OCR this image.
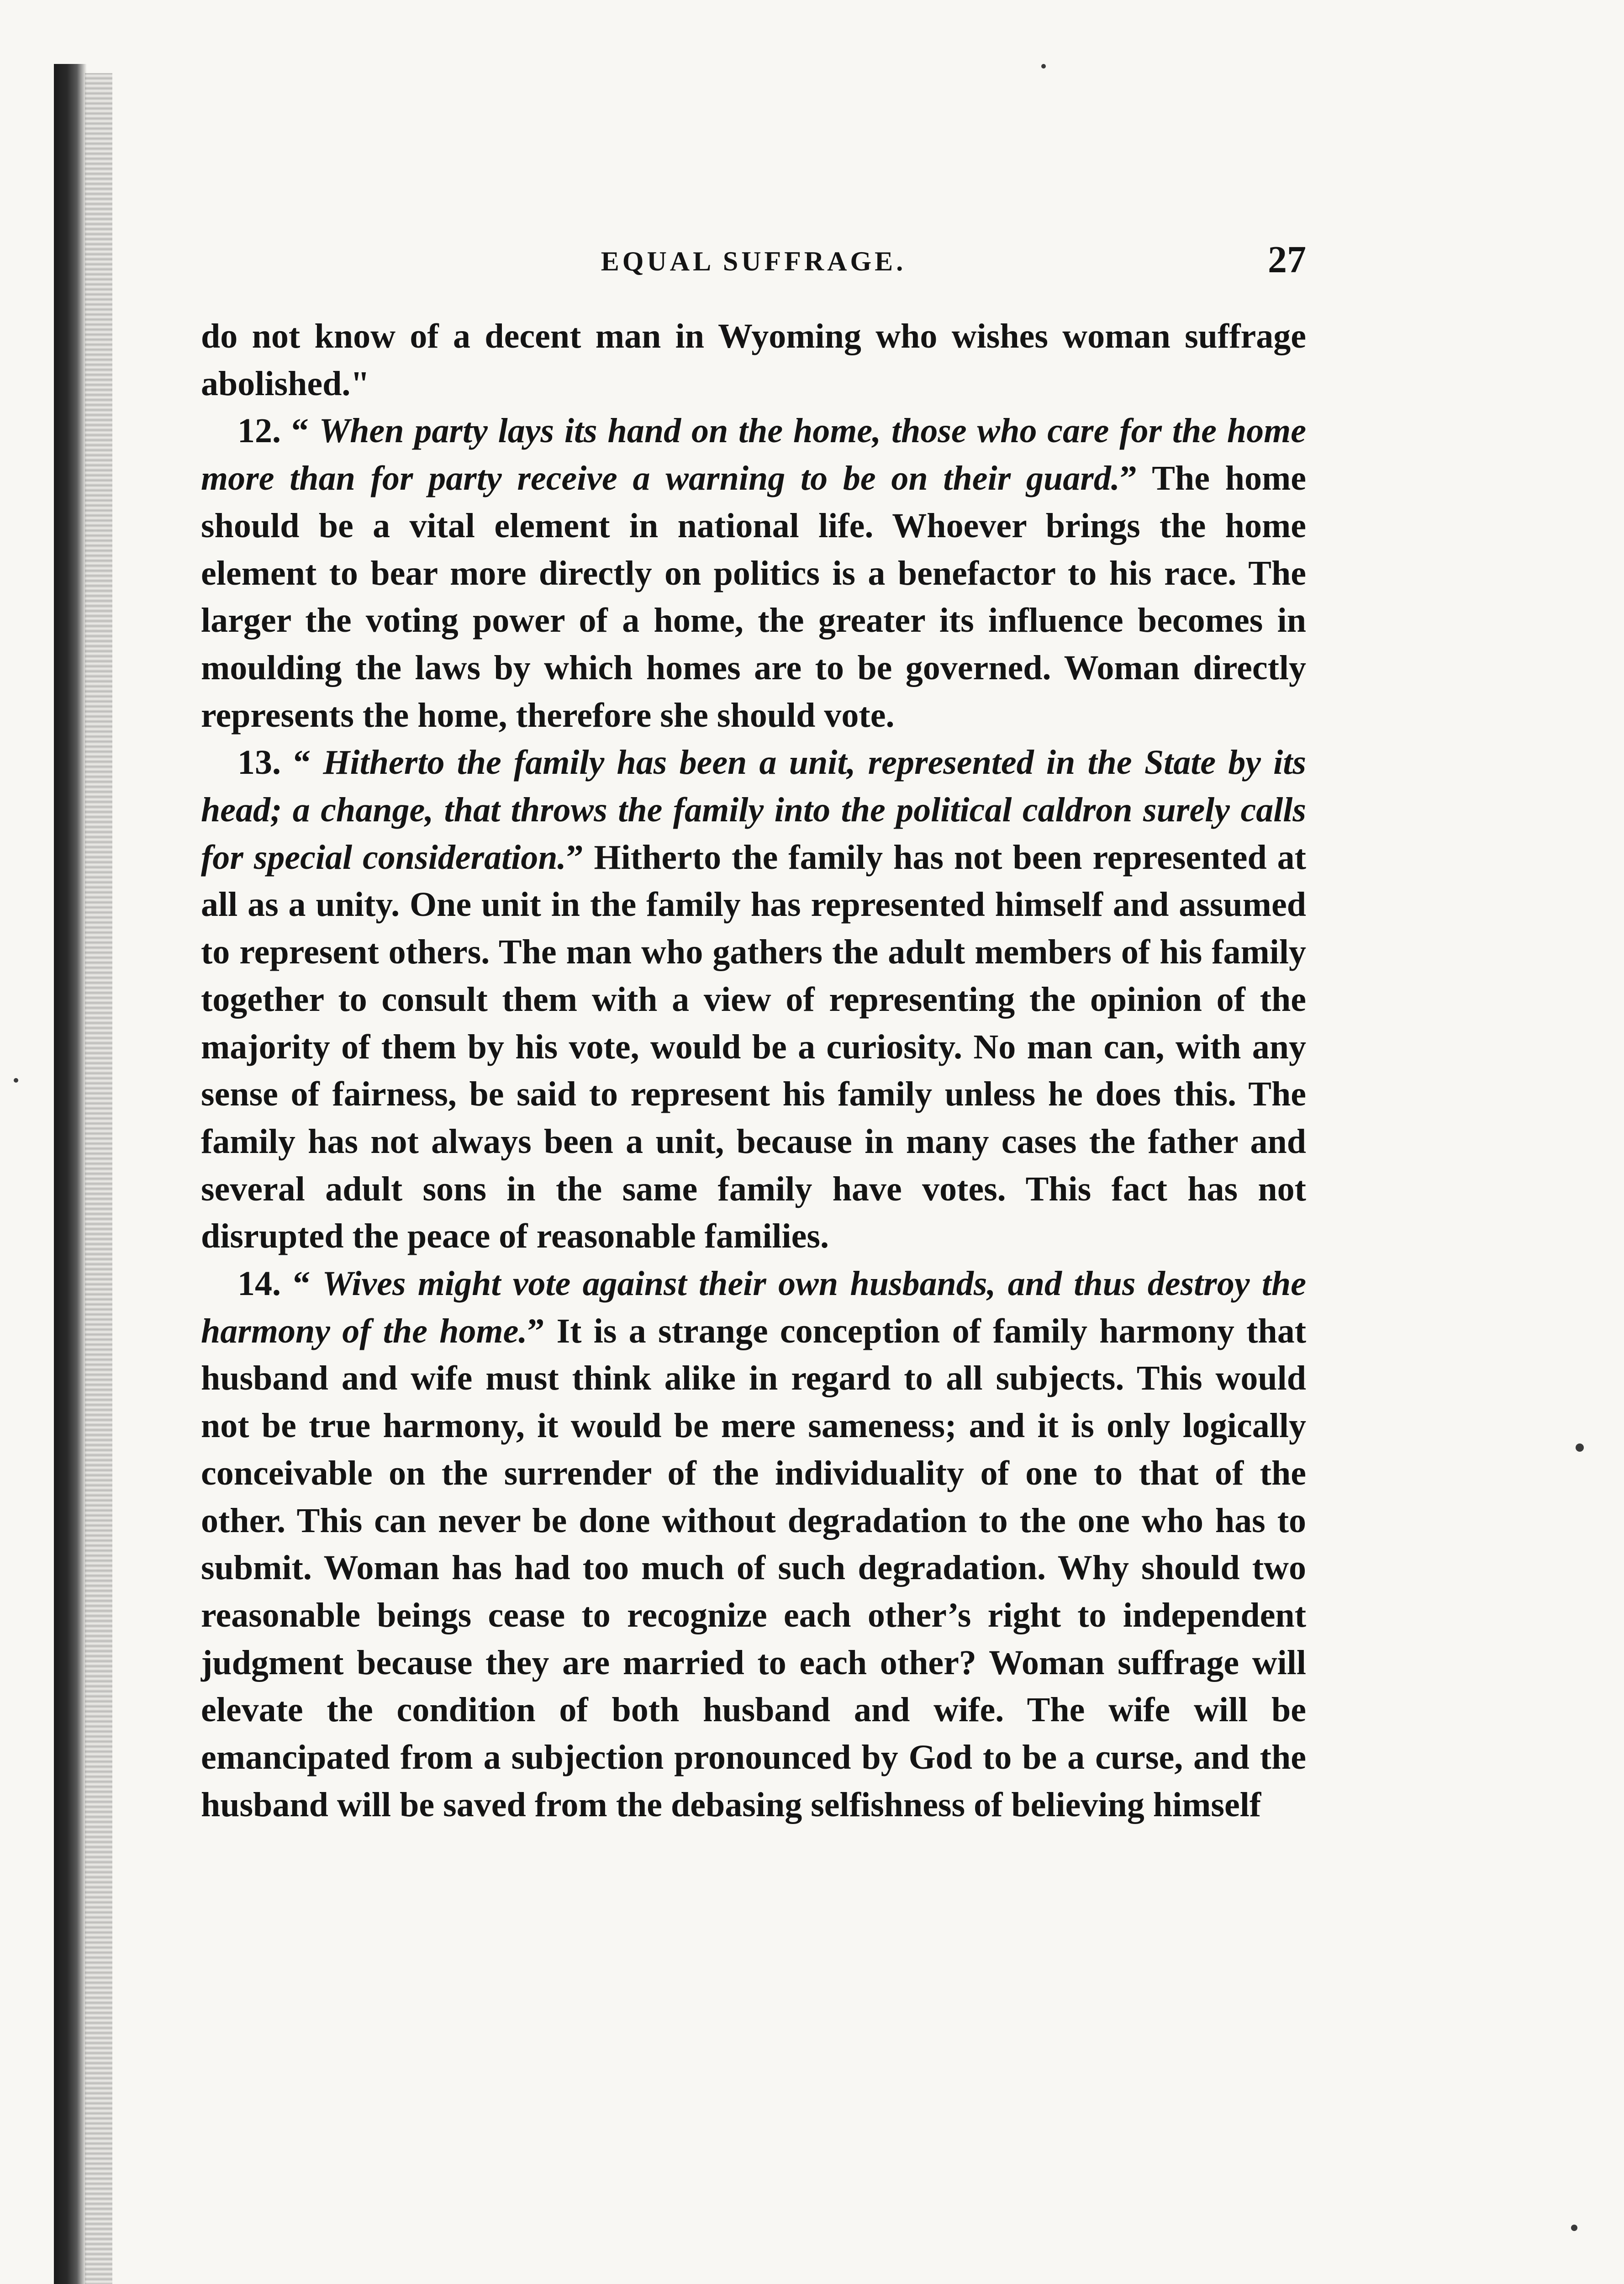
EQUAL SUFFRAGE.	27

do not know of a decent man in Wyoming who wishes woman suffrage abolished."

12. “ When party lays its hand on the home, those who care for the home more than for party receive a warning to be on their guard.” The home should be a vital element in national life. Whoever brings the home element to bear more directly on politics is a benefactor to his race. The larger the voting power of a home, the greater its influence becomes in moulding the laws by which homes are to be governed. Woman directly represents the home, therefore she should vote.

13. “ Hitherto the family has been a unit, represented in the State by its head; a change, that throws the family into the political caldron surely calls for special consideration.” Hitherto the family has not been represented at all as a unity. One unit in the family has represented himself and assumed to represent others. The man who gathers the adult members of his family together to consult them with a view of representing the opinion of the majority of them by his vote, would be a curiosity. No man can, with any sense of fairness, be said to represent his family unless he does this. The family has not always been a unit, because in many cases the father and several adult sons in the same family have votes. This fact has not disrupted the peace of reasonable families.

14. “ Wives might vote against their own husbands, and thus destroy the harmony of the home.” It is a strange conception of family harmony that husband and wife must think alike in regard to all subjects. This would not be true harmony, it would be mere sameness; and it is only logically conceivable on the surrender of the individuality of one to that of the other. This can never be done without degradation to the one who has to submit. Woman has had too much of such degradation. Why should two reasonable beings cease to recognize each other’s right to independent judgment because they are married to each other? Woman suffrage will elevate the condition of both husband and wife. The wife will be emancipated from a subjection pronounced by God to be a curse, and the husband will be saved from the debasing selfishness of believing himself
